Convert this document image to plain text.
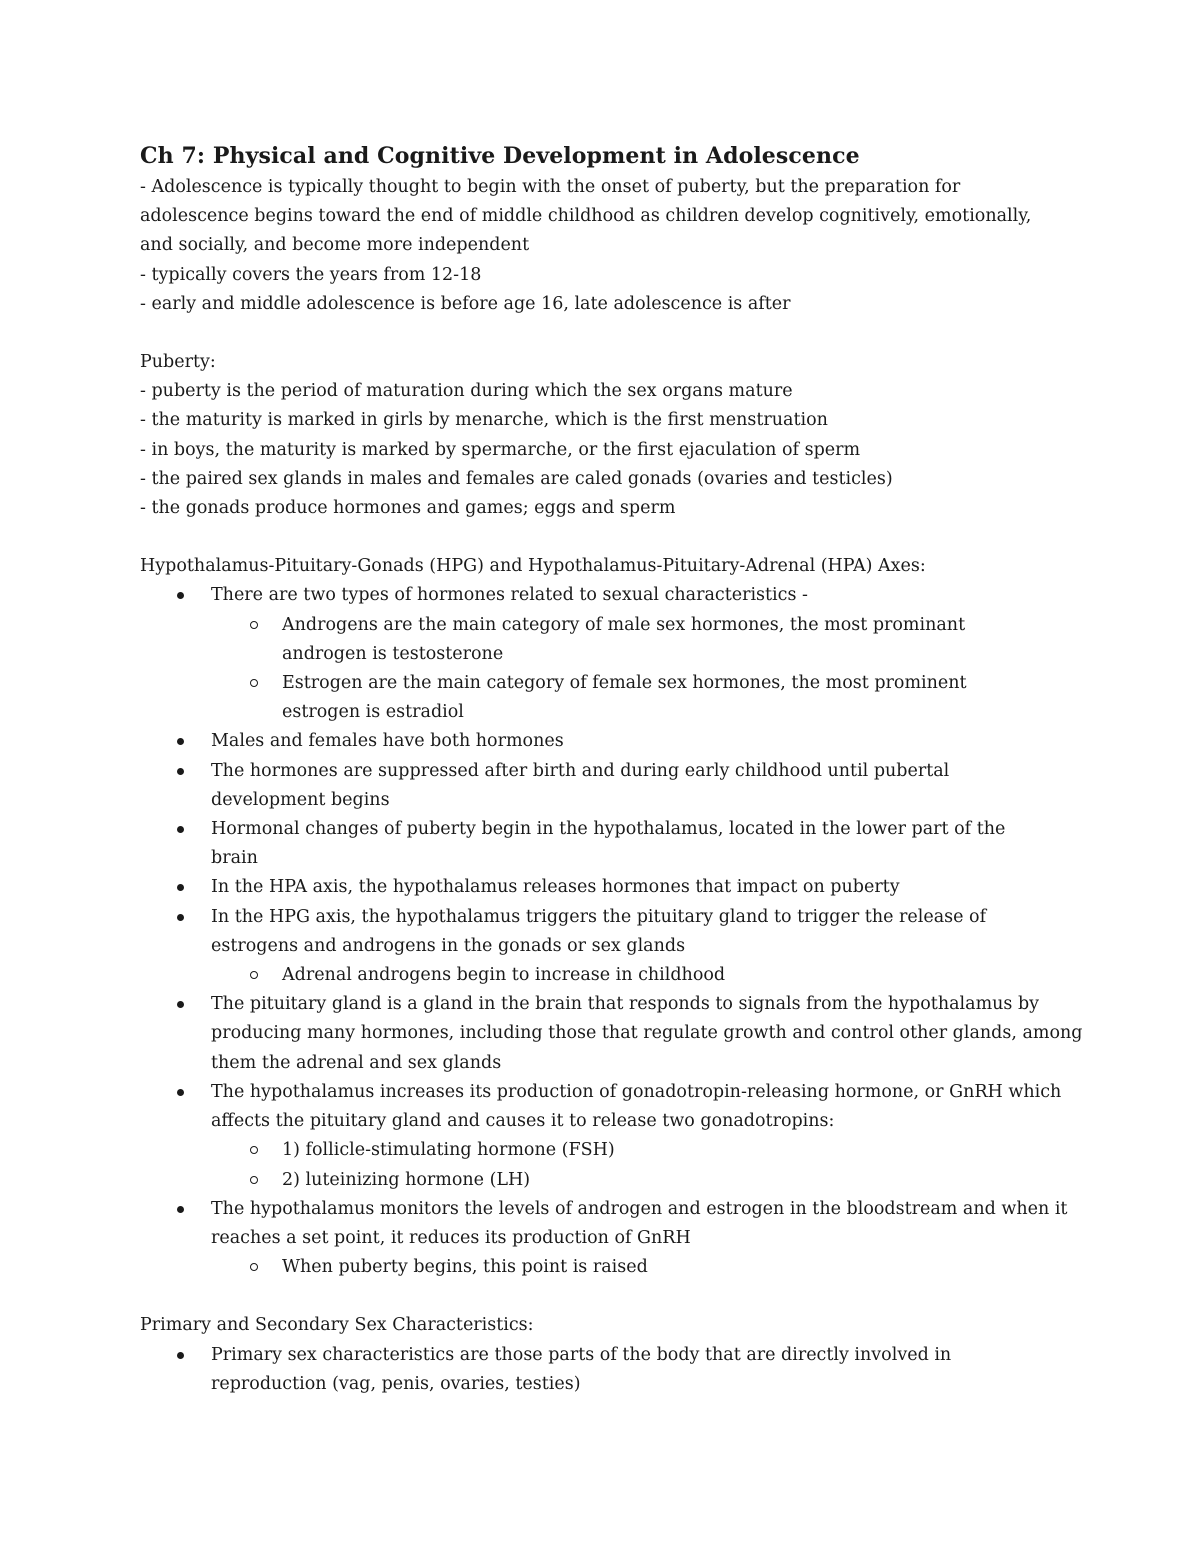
Ch 7: Physical and Cognitive Development in Adolescence

- Adolescence is typically thought to begin with the onset of puberty, but the preparation for adolescence begins toward the end of middle childhood as children develop cognitively, emotionally, and socially, and become more independent

- typically covers the years from 12-18

- early and middle adolescence is before age 16, late adolescence is after

Puberty:

- puberty is the period of maturation during which the sex organs mature

- the maturity is marked in girls by menarche, which is the first menstruation

- in boys, the maturity is marked by spermarche, or the first ejaculation of sperm

- the paired sex glands in males and females are caled gonads (ovaries and testicles)

- the gonads produce hormones and games; eggs and sperm

Hypothalamus-Pituitary-Gonads (HPG) and Hypothalamus-Pituitary-Adrenal (HPA) Axes:

There are two types of hormones related to sexual characteristics -
Androgens are the main category of male sex hormones, the most prominant androgen is testosterone
Estrogen are the main category of female sex hormones, the most prominent estrogen is estradiol
Males and females have both hormones
The hormones are suppressed after birth and during early childhood until pubertal development begins
Hormonal changes of puberty begin in the hypothalamus, located in the lower part of the brain
In the HPA axis, the hypothalamus releases hormones that impact on puberty
In the HPG axis, the hypothalamus triggers the pituitary gland to trigger the release of estrogens and androgens in the gonads or sex glands
Adrenal androgens begin to increase in childhood
The pituitary gland is a gland in the brain that responds to signals from the hypothalamus by producing many hormones, including those that regulate growth and control other glands, among them the adrenal and sex glands
The hypothalamus increases its production of gonadotropin-releasing hormone, or GnRH which affects the pituitary gland and causes it to release two gonadotropins:
1) follicle-stimulating hormone (FSH)
2) luteinizing hormone (LH)
The hypothalamus monitors the levels of androgen and estrogen in the bloodstream and when it reaches a set point, it reduces its production of GnRH
When puberty begins, this point is raised

Primary and Secondary Sex Characteristics:

Primary sex characteristics are those parts of the body that are directly involved in reproduction (vag, penis, ovaries, testies)
